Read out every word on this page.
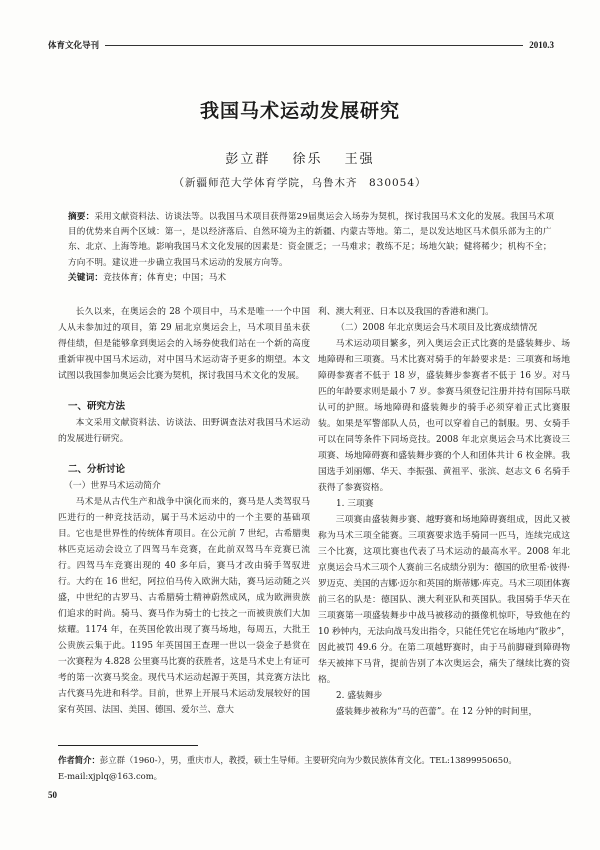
体育文化导刊	2010.3
我国马术运动发展研究
彭立群 徐乐 王强
（新疆师范大学体育学院，乌鲁木齐　830054）
摘要：采用文献资料法、访谈法等。以我国马术项目获得第29届奥运会入场券为契机，探讨我国马术文化的发展。我国马术项目的优势来自两个区域：第一，是以经济落后、自然环境为主的新疆、内蒙古等地。第二，是以发达地区马术俱乐部为主的广东、北京、上海等地。影响我国马术文化发展的因素是：资金匮乏；一马难求；教练不足；场地欠缺；健将稀少；机构不全；方向不明。建议进一步确立我国马术运动的发展方向等。
关键词：竞技体育；体育史；中国；马术

长久以来，在奥运会的 28 个项目中，马术是唯一一个中国人从未参加过的项目，第 29 届北京奥运会上，马术项目虽未获得佳绩，但是能够拿到奥运会的入场券使我们站在一个新的高度重新审视中国马术运动，对中国马术运动寄予更多的期望。本文试图以我国参加奥运会比赛为契机，探讨我国马术文化的发展。

一、研究方法

本文采用文献资料法、访谈法、田野调查法对我国马术运动的发展进行研究。

二、分析讨论
（一）世界马术运动简介

马术是从古代生产和战争中演化而来的，赛马是人类驾驭马匹进行的一种竞技活动，属于马术运动中的一个主要的基础项目。它也是世界性的传统体育项目。在公元前 7 世纪，古希腊奥林匹克运动会设立了四驾马车竞赛，在此前双驾马车竞赛已流行。四驾马车竞赛出现的 40 多年后，赛马才改由骑手驾驭进行。大约在 16 世纪，阿拉伯马传入欧洲大陆，赛马运动随之兴盛，中世纪的古罗马、古希腊骑士精神蔚然成风，成为欧洲贵族们追求的时尚。骑马、赛马作为骑士的七技之一而被贵族们大加炫耀。1174 年，在英国伦敦出现了赛马场地，每周五，大批王公贵族云集于此。1195 年英国国王查理一世以一袋金子悬赏在一次赛程为 4.828 公里赛马比赛的获胜者，这是马术史上有证可考的第一次赛马奖金。现代马术运动起源于英国，其竞赛方法比古代赛马先进和科学。目前，世界上开展马术运动发展较好的国家有英国、法国、美国、德国、爱尔兰、意大

利、澳大利亚、日本以及我国的香港和澳门。

（二）2008 年北京奥运会马术项目及比赛成绩情况

马术运动项目繁多，列入奥运会正式比赛的是盛装舞步、场地障碍和三项赛。马术比赛对骑手的年龄要求是：三项赛和场地障碍参赛者不低于 18 岁，盛装舞步参赛者不低于 16 岁。对马匹的年龄要求则是最小 7 岁。参赛马须登记注册并持有国际马联认可的护照。场地障碍和盛装舞步的骑手必须穿着正式比赛服装。如果是军警部队人员，也可以穿着自己的制服。男、女骑手可以在同等条件下同场竞技。2008 年北京奥运会马术比赛设三项赛、场地障碍赛和盛装舞步赛的个人和团体共计 6 枚金牌。我国选手刘丽娜、华天、李振强、黄祖平、张滨、赵志文 6 名骑手获得了参赛资格。

1. 三项赛

三项赛由盛装舞步赛、越野赛和场地障碍赛组成，因此又被称为马术三项全能赛。三项赛要求选手骑同一匹马，连续完成这三个比赛，这项比赛也代表了马术运动的最高水平。2008 年北京奥运会马术三项个人赛前三名成绩分别为：德国的欣里希·彼得·罗迈克、美国的吉娜·迈尔和英国的斯蒂娜·库克。马术三项团体赛前三名的队是：德国队、澳大利亚队和英国队。我国骑手华天在三项赛第一项盛装舞步中战马被移动的摄像机惊吓，导致他在约 10 秒钟内，无法向战马发出指令，只能任凭它在场地内“散步”，因此被罚 49.6 分。在第二项越野赛时，由于马前脚碰到障碍物华天被摔下马背，提前告别了本次奥运会，痛失了继续比赛的资格。

2. 盛装舞步

盛装舞步被称为“马的芭蕾”。在 12 分钟的时间里，

作者简介：彭立群（1960-），男，重庆市人，教授，硕士生导师。主要研究向为少数民族体育文化。TEL:13899950650。
E-mail:xjplq@163.com。
50
